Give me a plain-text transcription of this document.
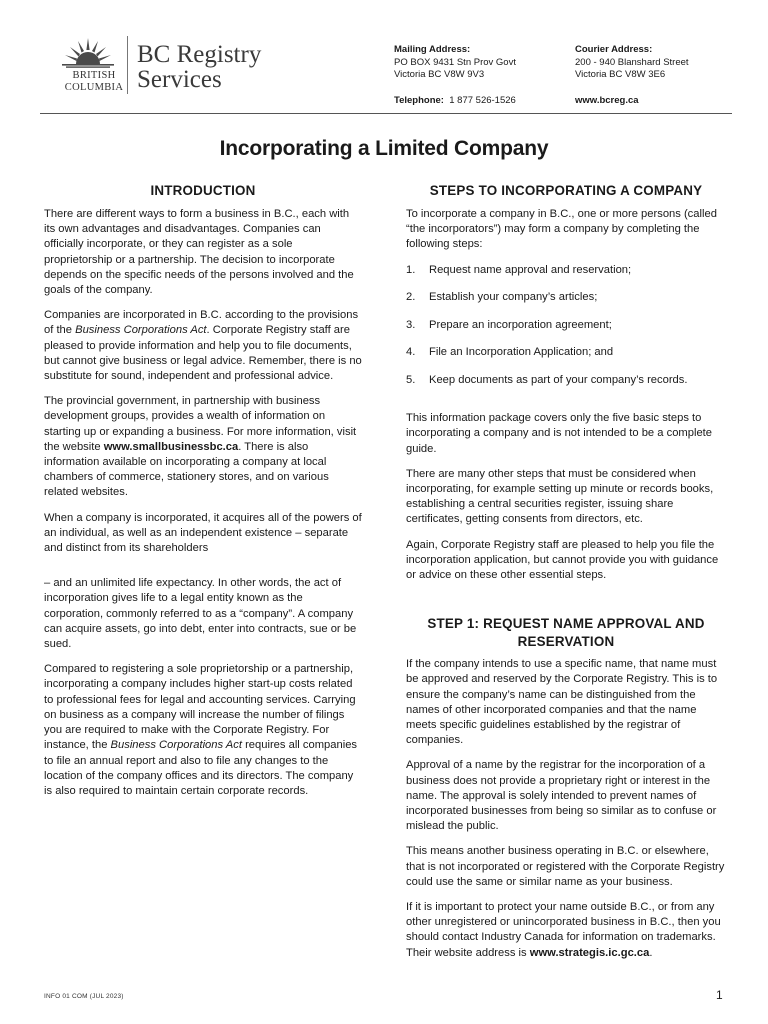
BRITISH
COLUMBIA
BC Registry
Services
Mailing Address:
PO BOX 9431 Stn Prov Govt
Victoria BC V8W 9V3
Courier Address:
200 - 940 Blanshard Street
Victoria BC V8W 3E6
Telephone: 1 877 526-1526	www.bcreg.ca
Incorporating a Limited Company
INTRODUCTION

There are different ways to form a business in B.C., each with its own advantages and disadvantages. Companies can officially incorporate, or they can register as a sole proprietorship or a partnership. The decision to incorporate depends on the specific needs of the persons involved and the goals of the company.

Companies are incorporated in B.C. according to the provisions of the Business Corporations Act. Corporate Registry staff are pleased to provide information and help you to file documents, but cannot give business or legal advice. Remember, there is no substitute for sound, independent and professional advice.

The provincial government, in partnership with business development groups, provides a wealth of information on starting up or expanding a business. For more information, visit the website www.smallbusinessbc.ca. There is also information available on incorporating a company at local chambers of commerce, stationery stores, and on various related websites.

When a company is incorporated, it acquires all of the powers of an individual, as well as an independent existence – separate and distinct from its shareholders

– and an unlimited life expectancy. In other words, the act of incorporation gives life to a legal entity known as the corporation, commonly referred to as a “company”. A company can acquire assets, go into debt, enter into contracts, sue or be sued.

Compared to registering a sole proprietorship or a partnership, incorporating a company includes higher start-up costs related to professional fees for legal and accounting services. Carrying on business as a company will increase the number of filings you are required to make with the Corporate Registry. For instance, the Business Corporations Act requires all companies to file an annual report and also to file any changes to the location of the company offices and its directors. The company is also required to maintain certain corporate records.

STEPS TO INCORPORATING A COMPANY

To incorporate a company in B.C., one or more persons (called “the incorporators”) may form a company by completing the following steps:

1.	Request name approval and reservation;
2.	Establish your company’s articles;
3.	Prepare an incorporation agreement;
4.	File an Incorporation Application; and
5.	Keep documents as part of your company’s records.

This information package covers only the five basic steps to incorporating a company and is not intended to be a complete guide.

There are many other steps that must be considered when incorporating, for example setting up minute or records books, establishing a central securities register, issuing share certificates, getting consents from directors, etc.

Again, Corporate Registry staff are pleased to help you file the incorporation application, but cannot provide you with guidance or advice on these other essential steps.

STEP 1: REQUEST NAME APPROVAL AND
RESERVATION

If the company intends to use a specific name, that name must be approved and reserved by the Corporate Registry. This is to ensure the company’s name can be distinguished from the names of other incorporated companies and that the name meets specific guidelines established by the registrar of companies.

Approval of a name by the registrar for the incorporation of a business does not provide a proprietary right or interest in the name. The approval is solely intended to prevent names of incorporated businesses from being so similar as to confuse or mislead the public.

This means another business operating in B.C. or elsewhere, that is not incorporated or registered with the Corporate Registry could use the same or similar name as your business.

If it is important to protect your name outside B.C., or from any other unregistered or unincorporated business in B.C., then you should contact Industry Canada for information on trademarks. Their website address is www.strategis.ic.gc.ca.

INFO 01 COM (JUL 2023)	1
